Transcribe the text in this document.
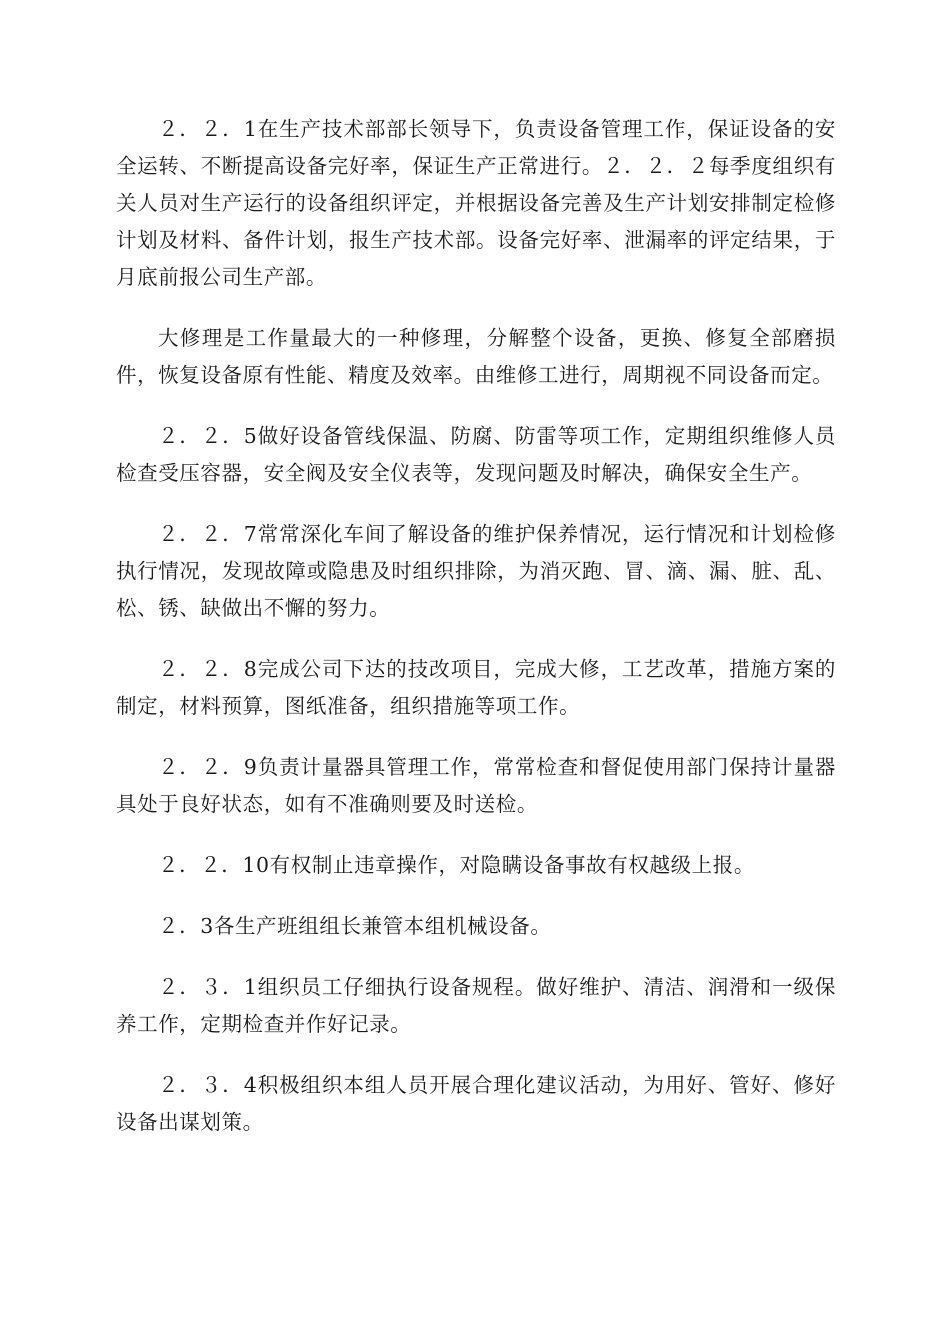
２．２．1在生产技术部部长领导下，负责设备管理工作，保证设备的安全运转、不断提高设备完好率，保证生产正常进行。２．２．２每季度组织有关人员对生产运行的设备组织评定，并根据设备完善及生产计划安排制定检修计划及材料、备件计划，报生产技术部。设备完好率、泄漏率的评定结果，于月底前报公司生产部。

大修理是工作量最大的一种修理，分解整个设备，更换、修复全部磨损件，恢复设备原有性能、精度及效率。由维修工进行，周期视不同设备而定。

２．２．5做好设备管线保温、防腐、防雷等项工作，定期组织维修人员检查受压容器，安全阀及安全仪表等，发现问题及时解决，确保安全生产。

２．２．7常常深化车间了解设备的维护保养情况，运行情况和计划检修执行情况，发现故障或隐患及时组织排除，为消灭跑、冒、滴、漏、脏、乱、松、锈、缺做出不懈的努力。

２．２．8完成公司下达的技改项目，完成大修，工艺改革，措施方案的制定，材料预算，图纸准备，组织措施等项工作。

２．２．9负责计量器具管理工作，常常检查和督促使用部门保持计量器具处于良好状态，如有不准确则要及时送检。

２．２．10有权制止违章操作，对隐瞒设备事故有权越级上报。

２．3各生产班组组长兼管本组机械设备。

２．３．1组织员工仔细执行设备规程。做好维护、清洁、润滑和一级保养工作，定期检查并作好记录。

２．３．4积极组织本组人员开展合理化建议活动，为用好、管好、修好设备出谋划策。
